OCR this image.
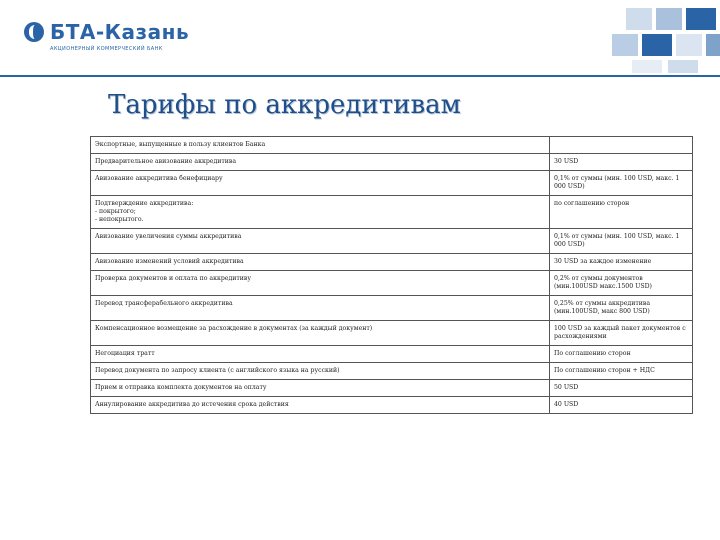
БТА-Казань
АКЦИОНЕРНЫЙ КОММЕРЧЕСКИЙ БАНК
Тарифы по аккредитивам
Экспортные, выпущенные в пользу клиентов Банка	
Предварительное авизование аккредитива	30 USD
Авизование аккредитива бенефициару	0,1% от суммы (мин. 100 USD, макс. 1 000 USD)
Подтверждение аккредитива:
- покрытого;
- непокрытого.	по соглашению сторон
Авизование увеличения суммы аккредитива	0,1% от суммы (мин. 100 USD, макс. 1 000 USD)
Авизование изменений условий аккредитива	30 USD за каждое изменение
Проверка документов и оплата по аккредитиву	0,2% от суммы документов (мин.100USD макс.1500 USD)
Перевод трансферабельного аккредитива	0,25% от суммы аккредитива (мин.100USD, макс 800 USD)
Компенсационное возмещение за расхождение в документах (за каждый документ)	100 USD за каждый пакет документов с расхождениями
Негоциация тратт	По соглашению сторон
Перевод документа по запросу клиента (с английского языка на русский)	По соглашению сторон + НДС
Прием и отправка комплекта документов на оплату	50 USD
Аннулирование аккредитива до истечения срока действия	40 USD
